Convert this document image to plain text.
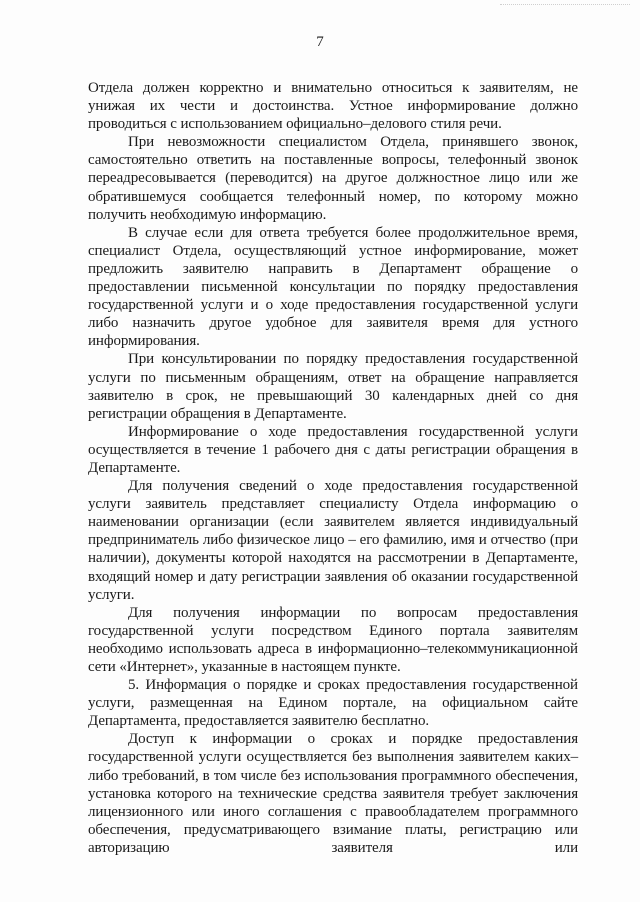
7

Отдела должен корректно и внимательно относиться к заявителям, не унижая их чести и достоинства. Устное информирование должно проводиться с использованием официально–делового стиля речи.

При невозможности специалистом Отдела, принявшего звонок, самостоятельно ответить на поставленные вопросы, телефонный звонок переадресовывается (переводится) на другое должностное лицо или же обратившемуся сообщается телефонный номер, по которому можно получить необходимую информацию.

В случае если для ответа требуется более продолжительное время, специалист Отдела, осуществляющий устное информирование, может предложить заявителю направить в Департамент обращение о предоставлении письменной консультации по порядку предоставления государственной услуги и о ходе предоставления государственной услуги либо назначить другое удобное для заявителя время для устного информирования.

При консультировании по порядку предоставления государственной услуги по письменным обращениям, ответ на обращение направляется заявителю в срок, не превышающий 30 календарных дней со дня регистрации обращения в Департаменте.

Информирование о ходе предоставления государственной услуги осуществляется в течение 1 рабочего дня с даты регистрации обращения в Департаменте.

Для получения сведений о ходе предоставления государственной услуги заявитель представляет специалисту Отдела информацию о наименовании организации (если заявителем является индивидуальный предприниматель либо физическое лицо – его фамилию, имя и отчество (при наличии), документы которой находятся на рассмотрении в Департаменте, входящий номер и дату регистрации заявления об оказании государственной услуги.

Для получения информации по вопросам предоставления государственной услуги посредством Единого портала заявителям необходимо использовать адреса в информационно–телекоммуникационной сети «Интернет», указанные в настоящем пункте.

5. Информация о порядке и сроках предоставления государственной услуги, размещенная на Едином портале, на официальном сайте Департамента, предоставляется заявителю бесплатно.

Доступ к информации о сроках и порядке предоставления государственной услуги осуществляется без выполнения заявителем каких–либо требований, в том числе без использования программного обеспечения, установка которого на технические средства заявителя требует заключения лицензионного или иного соглашения с правообладателем программного обеспечения, предусматривающего взимание платы, регистрацию или авторизацию заявителя или
